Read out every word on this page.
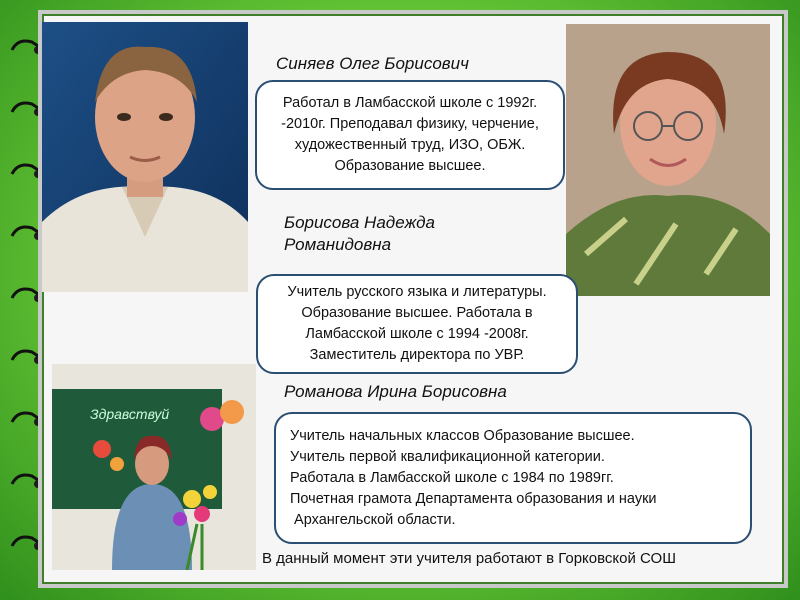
Здравствуй
Синяев Олег Борисович
Работал в Ламбасской школе с 1992г. -2010г. Преподавал физику, черчение, художественный труд, ИЗО, ОБЖ. Образование высшее.
Борисова Надежда Романидовна
Учитель русского языка и литературы. Образование высшее. Работала в Ламбасской школе с 1994 -2008г. Заместитель директора по УВР.
Романова Ирина Борисовна
Учитель начальных классов Образование высшее.
Учитель первой квалификационной категории.
Работала в Ламбасской школе с 1984 по 1989гг.
Почетная грамота Департамента образования и науки
Архангельской области.
В данный момент эти учителя работают в Горковской СОШ
